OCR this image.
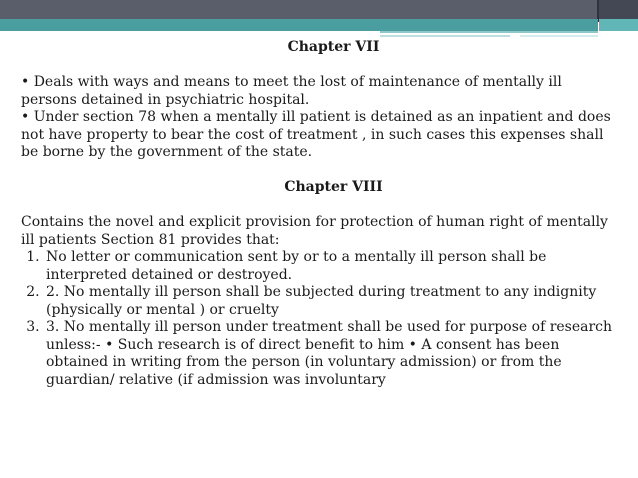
Chapter VII

• Deals with ways and means to meet the lost of maintenance of mentally ill persons detained in psychiatric hospital.

• Under section 78 when a mentally ill patient is detained as an inpatient and does not have property to bear the cost of treatment , in such cases this expenses shall be borne by the government of the state.

Chapter VIII

Contains the novel and explicit provision for protection of human right of mentally ill patients Section 81 provides that:

1. No letter or communication sent by or to a mentally ill person shall be interpreted detained or destroyed.
2. 2. No mentally ill person shall be subjected during treatment to any indignity (physically or mental ) or cruelty
3. 3. No mentally ill person under treatment shall be used for purpose of research unless:- • Such research is of direct benefit to him • A consent has been obtained in writing from the person (in voluntary admission) or from the guardian/ relative (if admission was involuntary
